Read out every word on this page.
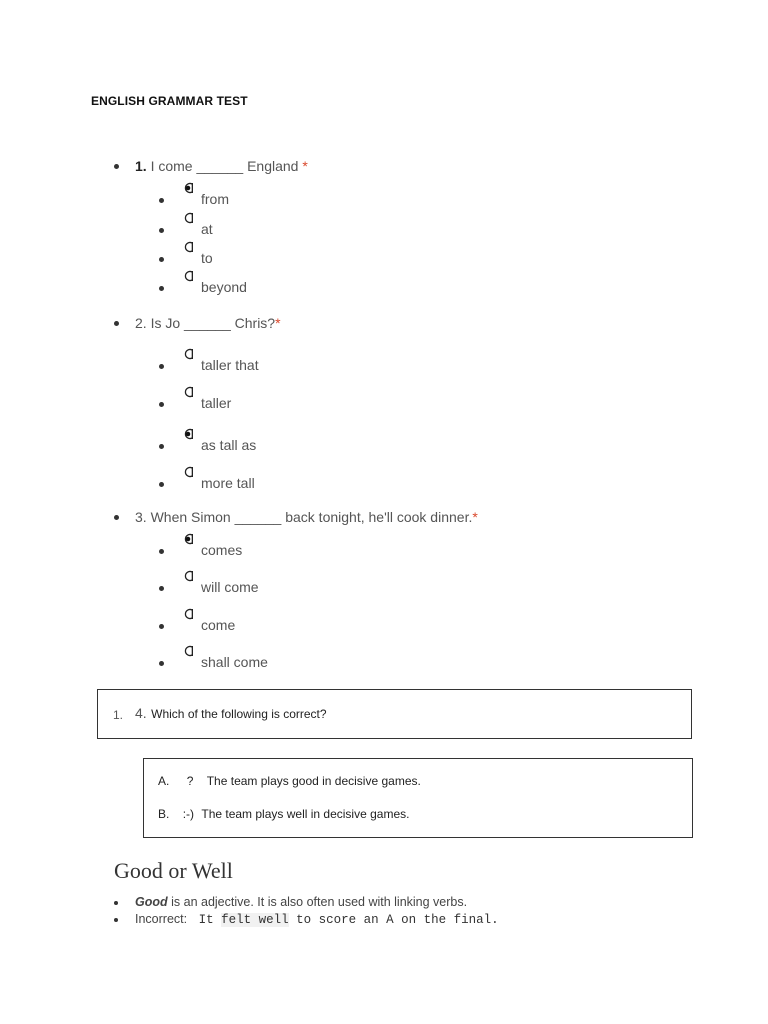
ENGLISH GRAMMAR TEST
1. I come ______ England *
2. Is Jo ______ Chris?*
3. When Simon ______ back tonight, he'll cook dinner.*
from
at
to
beyond
taller that
taller
as tall as
more tall
comes
will come
come
shall come
1. 4. Which of the following is correct?
A. ? The team plays good in decisive games.
B. :-) The team plays well in decisive games.
Good or Well
Good is an adjective. It is also often used with linking verbs.
Incorrect: It felt well to score an A on the final.
